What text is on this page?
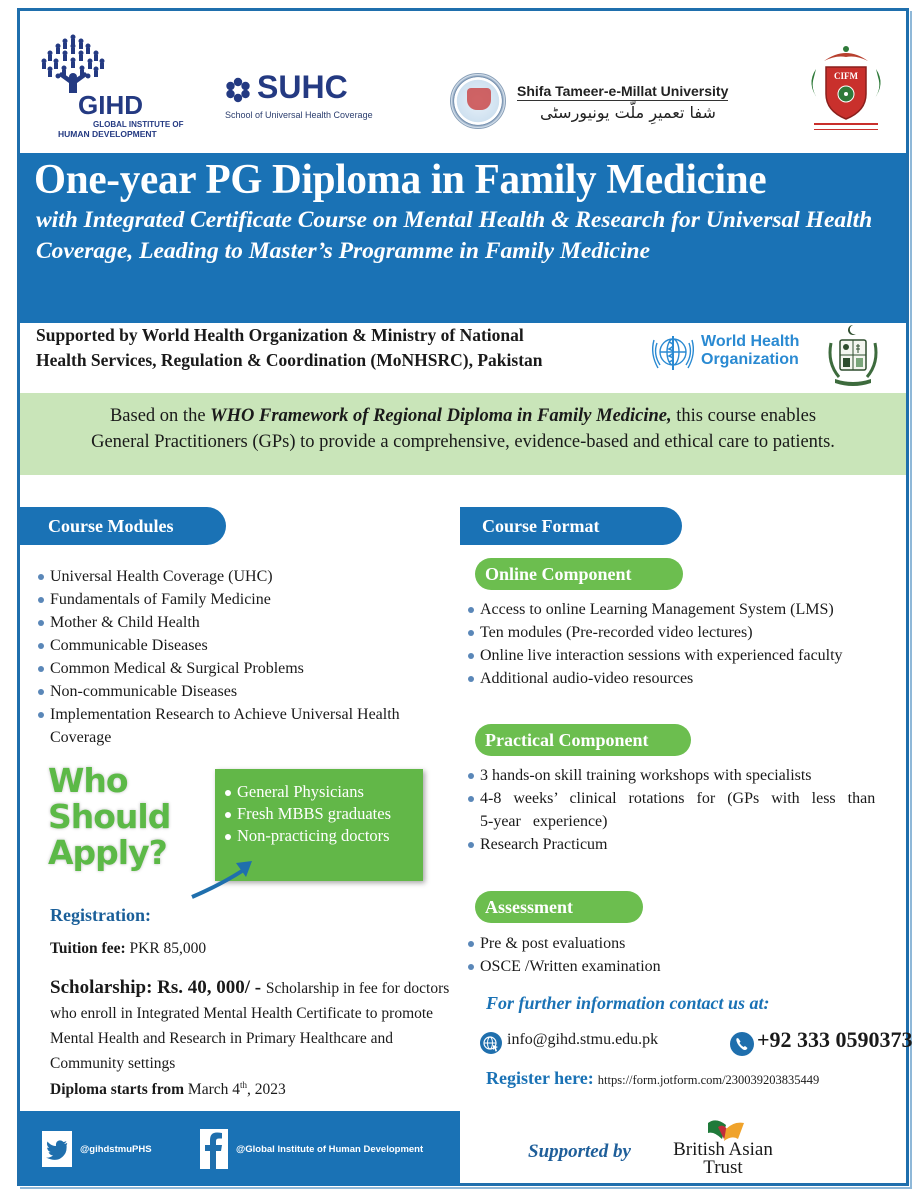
GIHD
GLOBAL INSTITUTE OF
HUMAN DEVELOPMENT
SUHC
School of Universal Health Coverage
Shifa Tameer-e-Millat University
شفا تعمیرِ ملّت یونیورسٹی
CIFM
One-year PG Diploma in Family Medicine
with Integrated Certificate Course on Mental Health & Research for Universal Health Coverage, Leading to Master’s Programme in Family Medicine
Supported by World Health Organization & Ministry of National
Health Services, Regulation & Coordination (MoNHSRC), Pakistan
World Health
Organization
Based on the WHO Framework of Regional Diploma in Family Medicine, this course enables
General Practitioners (GPs) to provide a comprehensive, evidence-based and ethical care to patients.
Course Modules
Universal Health Coverage (UHC)
Fundamentals of Family Medicine
Mother & Child Health
Communicable Diseases
Common Medical & Surgical Problems
Non-communicable Diseases
Implementation Research to Achieve Universal Health Coverage
Who
Should
Apply?
General Physicians
Fresh MBBS graduates
Non-practicing doctors
Registration:
Tuition fee: PKR 85,000
Scholarship: Rs. 40, 000/ - Scholarship in fee for doctors who enroll in Integrated Mental Health Certificate to promote Mental Health and Research in Primary Healthcare and Community settings
Diploma starts from March 4th, 2023
Course Format
Online Component
Access to online Learning Management System (LMS)
Ten modules (Pre-recorded video lectures)
Online live interaction sessions with experienced faculty
Additional audio-video resources
Practical Component
3 hands-on skill training workshops with specialists
4-8 weeks’ clinical rotations for (GPs with less than
5-year experience)
Research Practicum
Assessment
Pre & post evaluations
OSCE /Written examination
For further information contact us at:
info@gihd.stmu.edu.pk	+92 333 0590373
Register here: https://form.jotform.com/230039203835449
@gihdstmuPHS	@Global Institute of Human Development	Supported by British Asian
Trust
